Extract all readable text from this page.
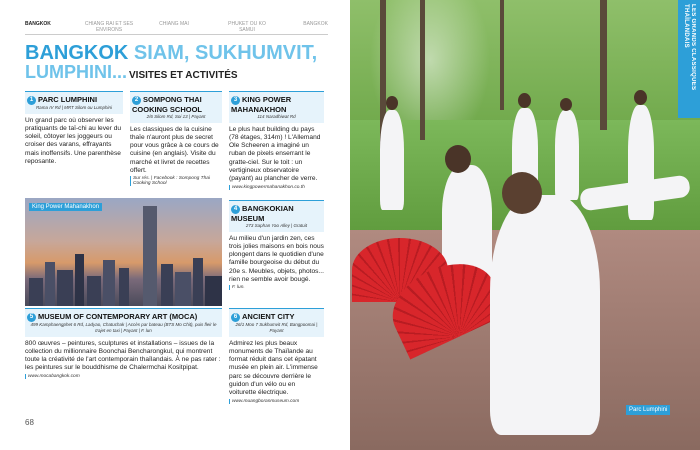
BANGKOK	CHIANG RAI ET SES ENVIRONS
CHIANG MAI	PHUKET OU KO SAMUI
BANGKOK
BANGKOK SIAM, SUKHUMVIT,
LUMPHINI... VISITES ET ACTIVITÉS
1 PARC LUMPHINI
Rama IV Rd | MRT Silom ou Lumphini
Un grand parc où observer les pratiquants de taï-chi au lever du soleil, côtoyer les joggeurs ou croiser des varans, effrayants mais inoffensifs. Une parenthèse reposante.
2 SOMPONG THAI COOKING SCHOOL
2/6 Silom Rd, Soi 13 | Payant
Les classiques de la cuisine thaïe n'auront plus de secret pour vous grâce à ce cours de cuisine (en anglais). Visite du marché et livret de recettes offert.
Sur rés. | Facebook : Sompong Thai Cooking School
3 KING POWER MAHANAKHON
114 Naradhiwat Rd
Le plus haut building du pays (78 étages, 314m) ! L'Allemand Ole Scheeren a imaginé un ruban de pixels enserrant le gratte-ciel. Sur le toit : un vertigineux observatoire (payant) au plancher de verre.
www.kingpowermahanakhon.co.th
King Power Mahanakhon	4 BANGKOKIAN MUSEUM
273 Saphan Yao Alley | Gratuit
Au milieu d'un jardin zen, ces trois jolies maisons en bois nous plongent dans le quotidien d'une famille bourgeoise du début du 20e s. Meubles, objets, photos... rien ne semble avoir bougé.
F. lun.
5 MUSEUM OF CONTEMPORARY ART (MOCA)
499 Kamphaengphet 6 Rd, Ladyao, Chatuchak | Accès par bateau (BTS Mo Chit), puis fleir le trajet en taxi | Payant | F. lun
800 œuvres – peintures, sculptures et installations – issues de la collection du millionnaire Boonchai Bencharongkul, qui montrent toute la créativité de l'art contemporain thaïlandais. À ne pas rater : les peintures sur le bouddhisme de Chalermchai Kositpipat.
www.mocabangkok.com
6 ANCIENT CITY
26/1 Moo 7 Sukhumvit Rd, Bangpoomai | Payant
Admirez les plus beaux monuments de Thaïlande au format réduit dans cet épatant musée en plein air. L'immense parc se découvre derrière le guidon d'un vélo ou en voiturette électrique.
www.muangboranmuseum.com
68
LES GRANDS CLASSIQUES THAÏLANDAIS
Parc Lumphini
